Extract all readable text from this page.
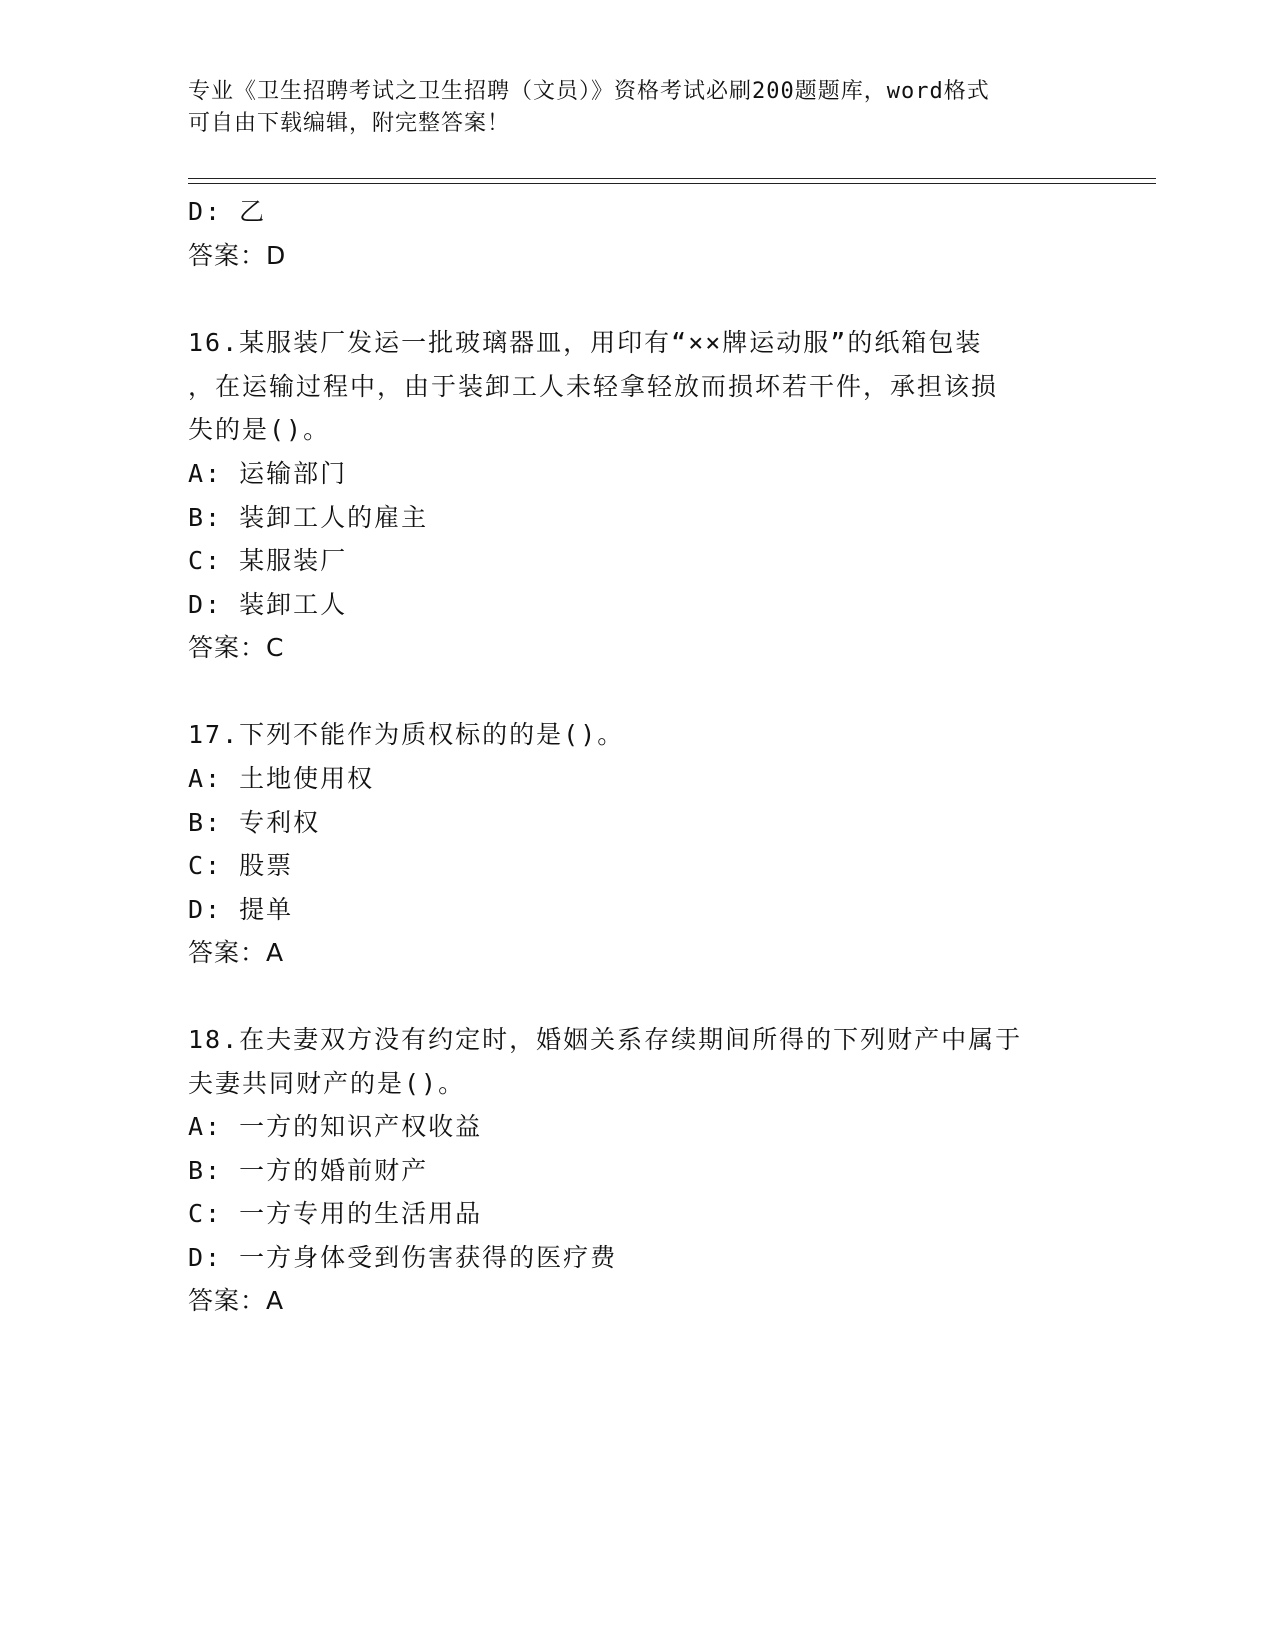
专业《卫生招聘考试之卫生招聘（文员）》资格考试必刷200题题库，word格式
可自由下载编辑，附完整答案！
D: 乙
答案：D
16.某服装厂发运一批玻璃器皿，用印有“××牌运动服”的纸箱包装
，在运输过程中，由于装卸工人未轻拿轻放而损坏若干件，承担该损
失的是()。
A: 运输部门
B: 装卸工人的雇主
C: 某服装厂
D: 装卸工人
答案：C
17.下列不能作为质权标的的是()。
A: 土地使用权
B: 专利权
C: 股票
D: 提单
答案：A
18.在夫妻双方没有约定时，婚姻关系存续期间所得的下列财产中属于
夫妻共同财产的是()。
A: 一方的知识产权收益
B: 一方的婚前财产
C: 一方专用的生活用品
D: 一方身体受到伤害获得的医疗费
答案：A
